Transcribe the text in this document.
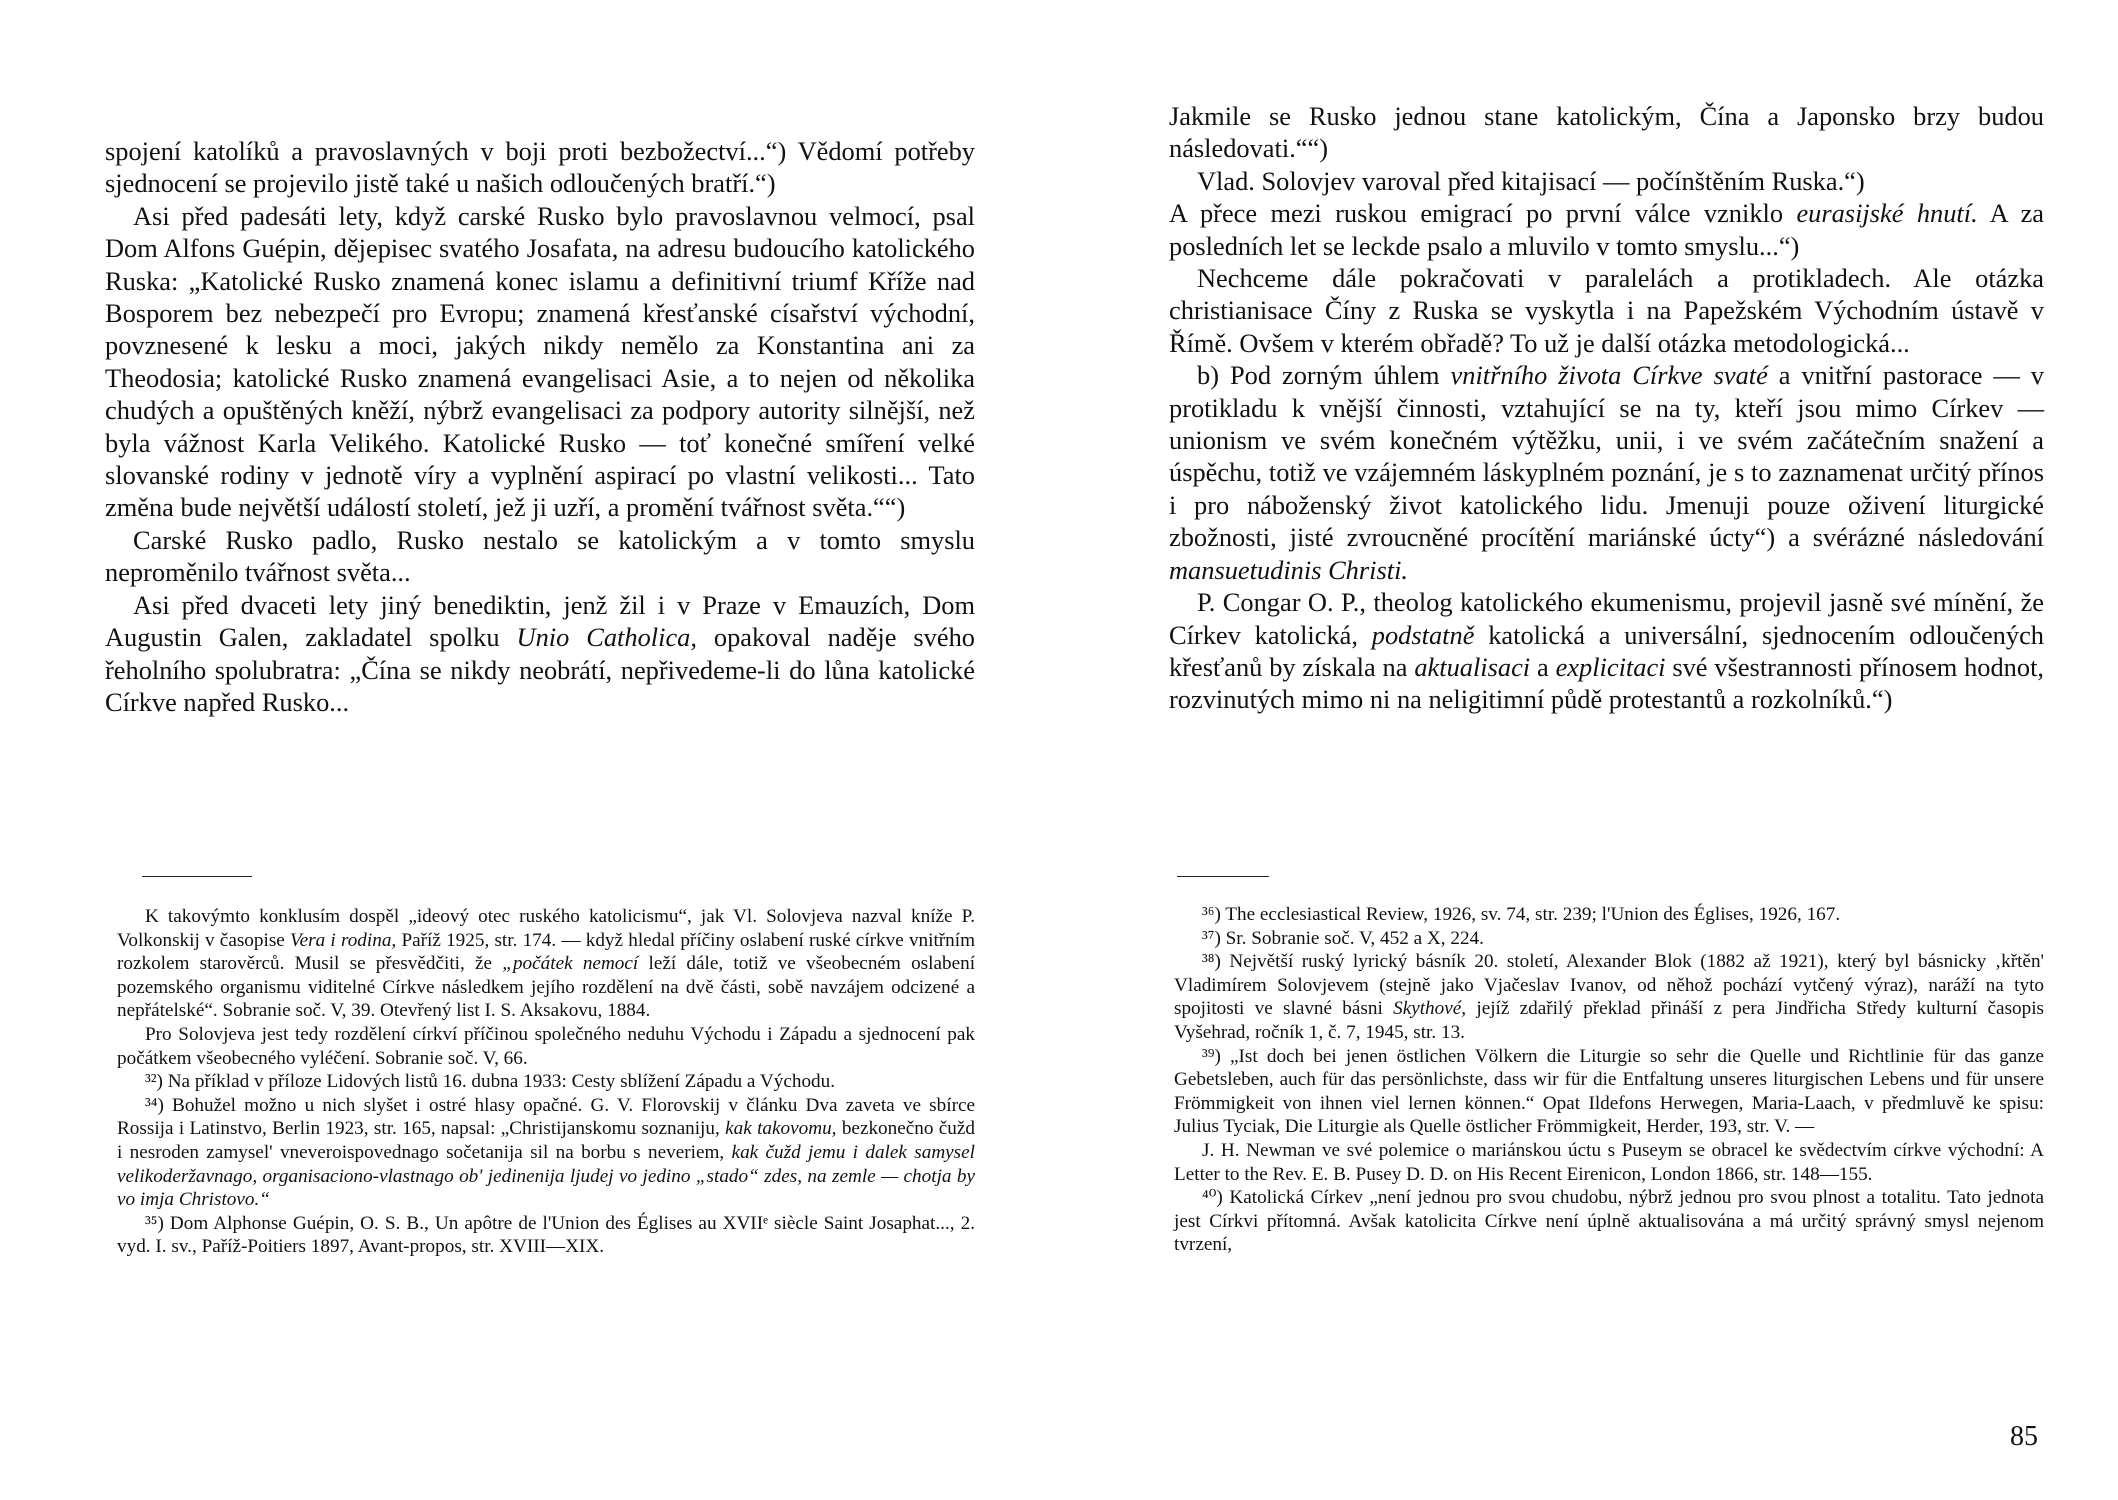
spojení katolíků a pravoslavných v boji proti bezbožectví...“) Vědomí potřeby sjednocení se projevilo jistě také u našich odloučených bratří.“)

Asi před padesáti lety, když carské Rusko bylo pravoslavnou velmocí, psal Dom Alfons Guépin, dějepisec svatého Josafata, na adresu budoucího katolického Ruska: „Katolické Rusko znamená konec islamu a definitivní triumf Kříže nad Bosporem bez nebezpečí pro Evropu; znamená křesťanské císařství východní, povznesené k lesku a moci, jakých nikdy nemělo za Konstantina ani za Theodosia; katolické Rusko znamená evangelisaci Asie, a to nejen od několika chudých a opuštěných kněží, nýbrž evangelisaci za podpory autority silnější, než byla vážnost Karla Velikého. Katolické Rusko — toť konečné smíření velké slovanské rodiny v jednotě víry a vyplnění aspirací po vlastní velikosti... Tato změna bude největší událostí století, jež ji uzří, a promění tvářnost světa.““)

Carské Rusko padlo, Rusko nestalo se katolickým a v tomto smyslu neproměnilo tvářnost světa...

Asi před dvaceti lety jiný benediktin, jenž žil i v Praze v Emauzích, Dom Augustin Galen, zakladatel spolku Unio Catholica, opakoval naděje svého řeholního spolubratra: „Čína se nikdy neobrátí, nepřivedeme-li do lůna katolické Církve napřed Rusko...

K takovýmto konklusím dospěl „ideový otec ruského katolicismu“, jak Vl. Solovjeva nazval kníže P. Volkonskij v časopise Vera i rodina, Paříž 1925, str. 174. — když hledal příčiny oslabení ruské církve vnitřním rozkolem starověrců. Musil se přesvědčiti, že „počátek nemocí leží dále, totiž ve všeobecném oslabení pozemského organismu viditelné Církve následkem jejího rozdělení na dvě části, sobě navzájem odcizené a nepřátelské“. Sobranie soč. V, 39. Otevřený list I. S. Aksakovu, 1884.

Pro Solovjeva jest tedy rozdělení církví příčinou společného neduhu Východu i Západu a sjednocení pak počátkem všeobecného vyléčení. Sobranie soč. V, 66.

³²) Na příklad v příloze Lidových listů 16. dubna 1933: Cesty sblížení Západu a Východu.

³⁴) Bohužel možno u nich slyšet i ostré hlasy opačné. G. V. Florovskij v článku Dva zaveta ve sbírce Rossija i Latinstvo, Berlin 1923, str. 165, napsal: „Christijanskomu soznaniju, kak takovomu, bezkonečno čužd i nesroden zamysel' vneveroispovednago sočetanija sil na borbu s neveriem, kak čužd jemu i dalek samysel velikoderžavnago, organisaciono-vlastnago ob' jedinenija ljudej vo jedino „stado“ zdes, na zemle — chotja by vo imja Christovo.“

³⁵) Dom Alphonse Guépin, O. S. B., Un apôtre de l'Union des Églises au XVIIᵉ siècle Saint Josaphat..., 2. vyd. I. sv., Paříž-Poitiers 1897, Avant-propos, str. XVIII—XIX.

Jakmile se Rusko jednou stane katolickým, Čína a Japonsko brzy budou následovati.““)

Vlad. Solovjev varoval před kitajisací — počínštěním Ruska.“)

A přece mezi ruskou emigrací po první válce vzniklo eurasijské hnutí. A za posledních let se leckde psalo a mluvilo v tomto smyslu...“)

Nechceme dále pokračovati v paralelách a protikladech. Ale otázka christianisace Číny z Ruska se vyskytla i na Papežském Východním ústavě v Římě. Ovšem v kterém obřadě? To už je další otázka metodologická...

b) Pod zorným úhlem vnitřního života Církve svaté a vnitřní pastorace — v protikladu k vnější činnosti, vztahující se na ty, kteří jsou mimo Církev — unionism ve svém konečném výtěžku, unii, i ve svém začátečním snažení a úspěchu, totiž ve vzájemném láskyplném poznání, je s to zaznamenat určitý přínos i pro náboženský život katolického lidu. Jmenuji pouze oživení liturgické zbožnosti, jisté zvroucněné procítění mariánské úcty“) a svérázné následování mansuetudinis Christi.

P. Congar O. P., theolog katolického ekumenismu, projevil jasně své mínění, že Církev katolická, podstatně katolická a universální, sjednocením odloučených křesťanů by získala na aktualisaci a explicitaci své všestrannosti přínosem hodnot, rozvinutých mimo ni na neligitimní půdě protestantů a rozkolníků.“)

³⁶) The ecclesiastical Review, 1926, sv. 74, str. 239; l'Union des Églises, 1926, 167.

³⁷) Sr. Sobranie soč. V, 452 a X, 224.

³⁸) Největší ruský lyrický básník 20. století, Alexander Blok (1882 až 1921), který byl básnicky ‚křtěn' Vladimírem Solovjevem (stejně jako Vjačeslav Ivanov, od něhož pochází vytčený výraz), naráží na tyto spojitosti ve slavné básni Skythové, jejíž zdařilý překlad přináší z pera Jindřicha Středy kulturní časopis Vyšehrad, ročník 1, č. 7, 1945, str. 13.

³⁹) „Ist doch bei jenen östlichen Völkern die Liturgie so sehr die Quelle und Richtlinie für das ganze Gebetsleben, auch für das persönlichste, dass wir für die Entfaltung unseres liturgischen Lebens und für unsere Frömmigkeit von ihnen viel lernen können.“ Opat Ildefons Herwegen, Maria-Laach, v předmluvě ke spisu: Julius Tyciak, Die Liturgie als Quelle östlicher Frömmigkeit, Herder, 193, str. V. —

J. H. Newman ve své polemice o mariánskou úctu s Puseym se obracel ke svědectvím církve východní: A Letter to the Rev. E. B. Pusey D. D. on His Recent Eirenicon, London 1866, str. 148—155.

⁴⁰) Katolická Církev „není jednou pro svou chudobu, nýbrž jednou pro svou plnost a totalitu. Tato jednota jest Církvi přítomná. Avšak katolicita Církve není úplně aktualisována a má určitý správný smysl nejenom tvrzení,

85
